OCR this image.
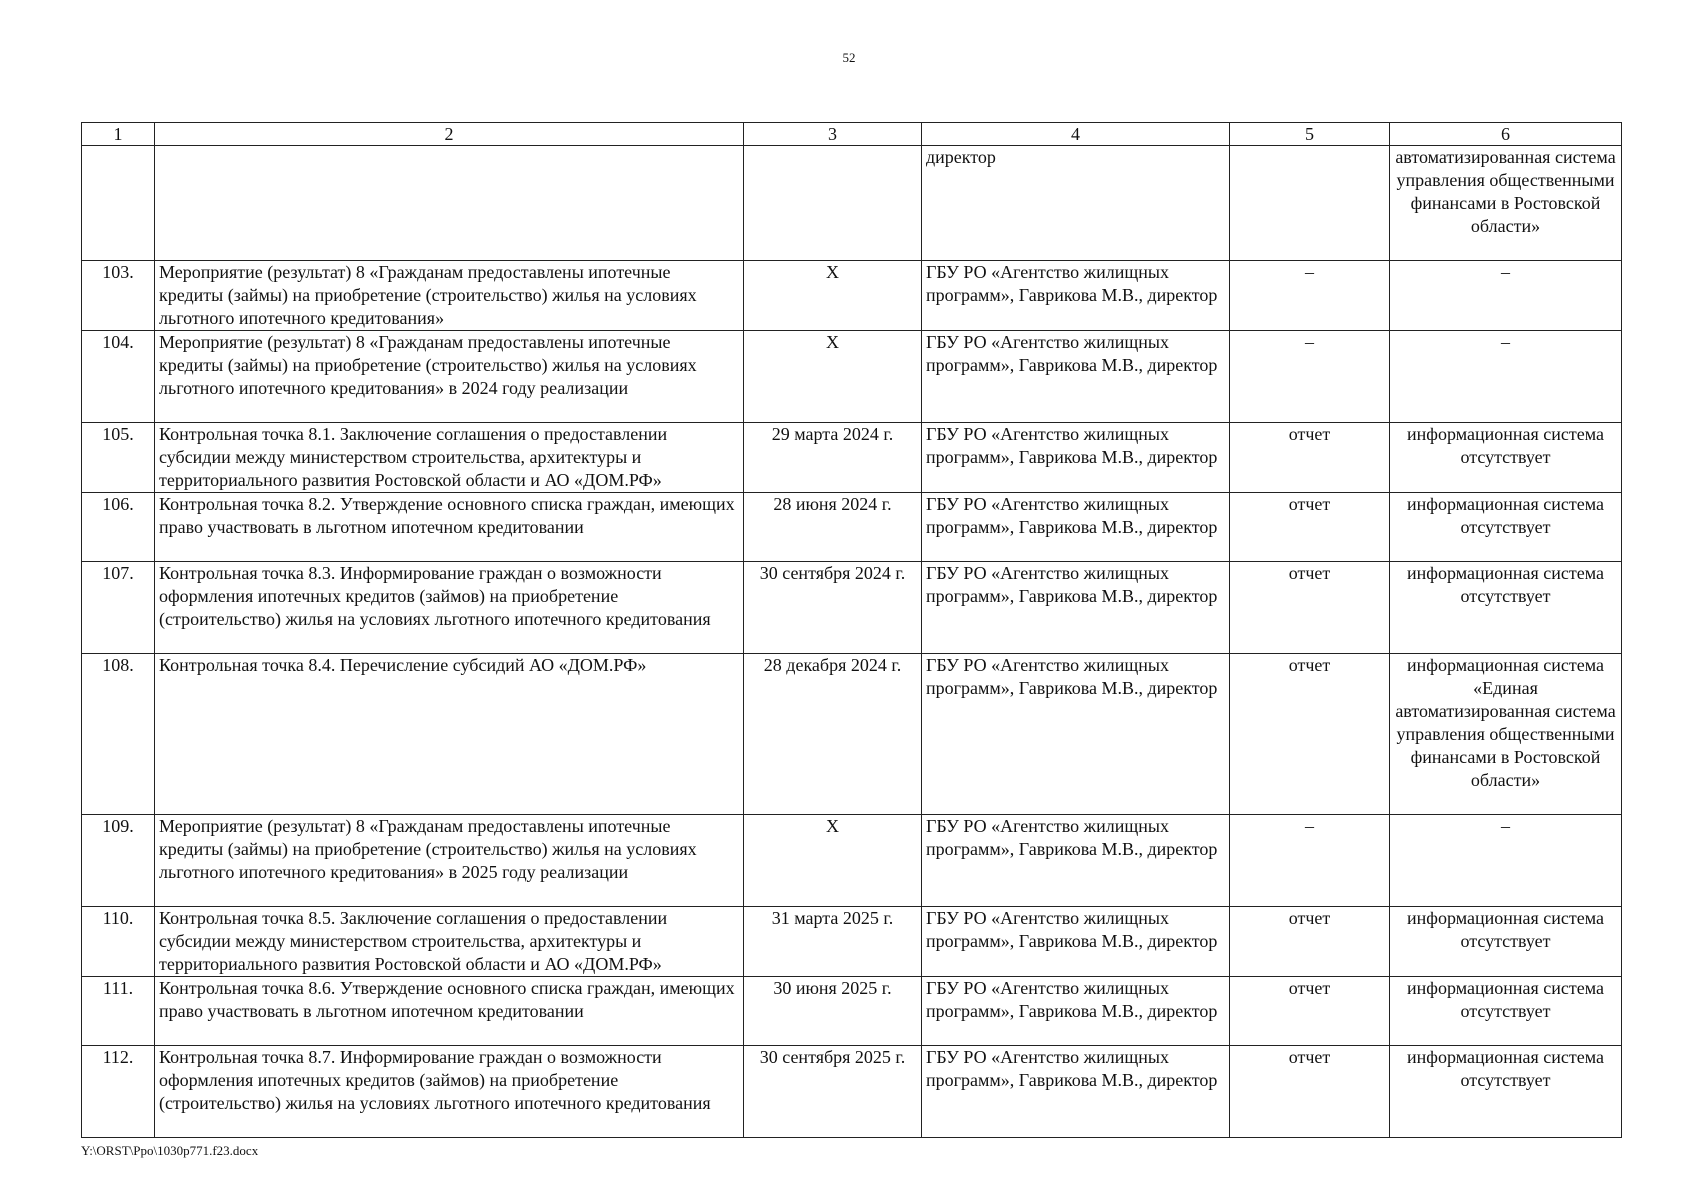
52
1	2	3	4	5	6
			директор		автоматизированная система управления общественными финансами в Ростовской области»
103.	Мероприятие (результат) 8 «Гражданам предоставлены ипотечные кредиты (займы) на приобретение (строительство) жилья на условиях льготного ипотечного кредитования»	Х	ГБУ РО «Агентство жилищных программ», Гаврикова М.В., директор	–	–
104.	Мероприятие (результат) 8 «Гражданам предоставлены ипотечные кредиты (займы) на приобретение (строительство) жилья на условиях льготного ипотечного кредитования» в 2024 году реализации	Х	ГБУ РО «Агентство жилищных программ», Гаврикова М.В., директор	–	–
105.	Контрольная точка 8.1. Заключение соглашения о предоставлении субсидии между министерством строительства, архитектуры и территориального развития Ростовской области и АО «ДОМ.РФ»	29 марта 2024 г.	ГБУ РО «Агентство жилищных программ», Гаврикова М.В., директор	отчет	информационная система отсутствует
106.	Контрольная точка 8.2. Утверждение основного списка граждан, имеющих право участвовать в льготном ипотечном кредитовании	28 июня 2024 г.	ГБУ РО «Агентство жилищных программ», Гаврикова М.В., директор	отчет	информационная система отсутствует
107.	Контрольная точка 8.3. Информирование граждан о возможности оформления ипотечных кредитов (займов) на приобретение (строительство) жилья на условиях льготного ипотечного кредитования	30 сентября 2024 г.	ГБУ РО «Агентство жилищных программ», Гаврикова М.В., директор	отчет	информационная система отсутствует
108.	Контрольная точка 8.4. Перечисление субсидий АО «ДОМ.РФ»	28 декабря 2024 г.	ГБУ РО «Агентство жилищных программ», Гаврикова М.В., директор	отчет	информационная система «Единая автоматизированная система управления общественными финансами в Ростовской области»
109.	Мероприятие (результат) 8 «Гражданам предоставлены ипотечные кредиты (займы) на приобретение (строительство) жилья на условиях льготного ипотечного кредитования» в 2025 году реализации	Х	ГБУ РО «Агентство жилищных программ», Гаврикова М.В., директор	–	–
110.	Контрольная точка 8.5. Заключение соглашения о предоставлении субсидии между министерством строительства, архитектуры и территориального развития Ростовской области и АО «ДОМ.РФ»	31 марта 2025 г.	ГБУ РО «Агентство жилищных программ», Гаврикова М.В., директор	отчет	информационная система отсутствует
111.	Контрольная точка 8.6. Утверждение основного списка граждан, имеющих право участвовать в льготном ипотечном кредитовании	30 июня 2025 г.	ГБУ РО «Агентство жилищных программ», Гаврикова М.В., директор	отчет	информационная система отсутствует
112.	Контрольная точка 8.7. Информирование граждан о возможности оформления ипотечных кредитов (займов) на приобретение (строительство) жилья на условиях льготного ипотечного кредитования	30 сентября 2025 г.	ГБУ РО «Агентство жилищных программ», Гаврикова М.В., директор	отчет	информационная система отсутствует
Y:\ORST\Ppo\1030p771.f23.docx
